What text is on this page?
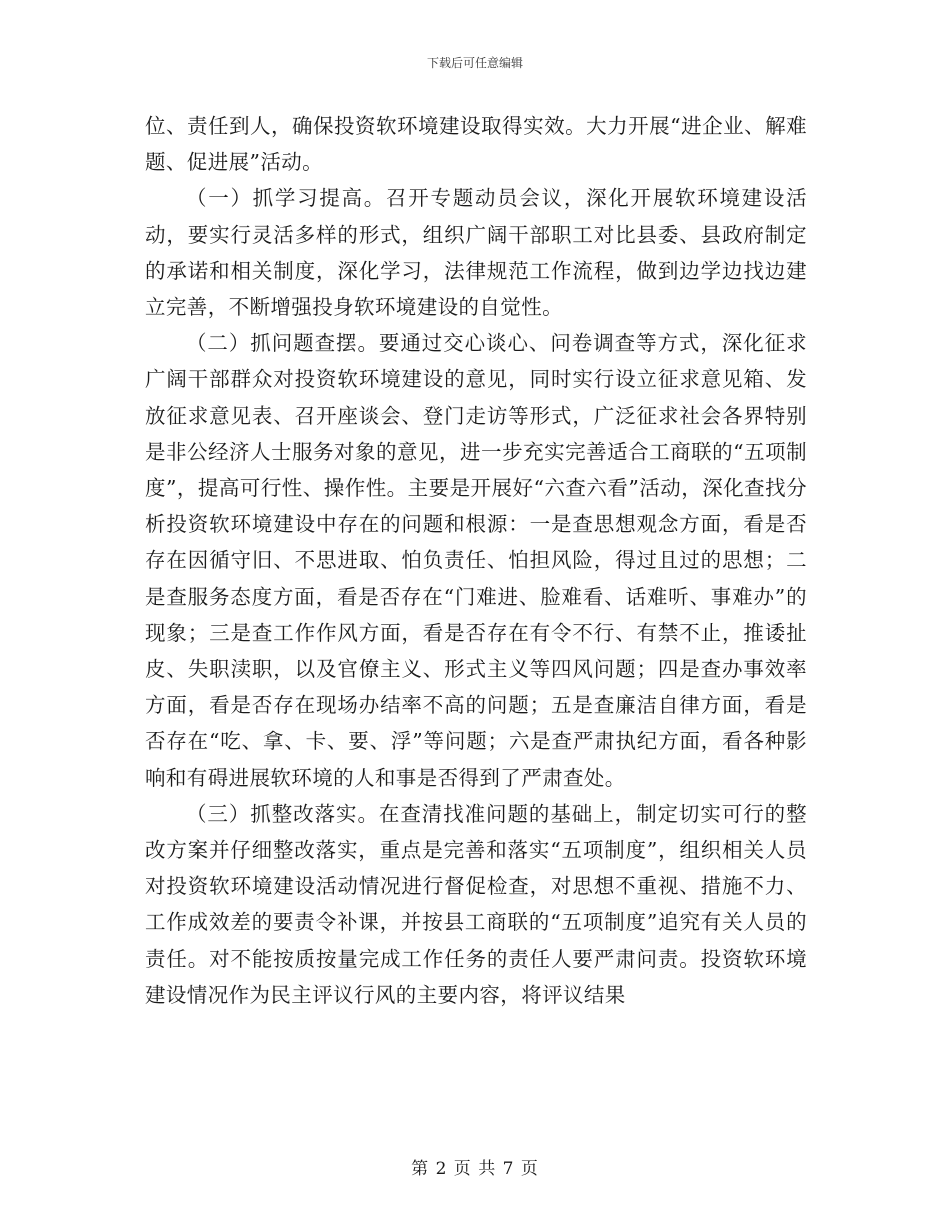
下载后可任意编辑

位、责任到人，确保投资软环境建设取得实效。大力开展“进企业、解难题、促进展”活动。

（一）抓学习提高。召开专题动员会议，深化开展软环境建设活动，要实行灵活多样的形式，组织广阔干部职工对比县委、县政府制定的承诺和相关制度，深化学习，法律规范工作流程，做到边学边找边建立完善，不断增强投身软环境建设的自觉性。

（二）抓问题查摆。要通过交心谈心、问卷调查等方式，深化征求广阔干部群众对投资软环境建设的意见，同时实行设立征求意见箱、发放征求意见表、召开座谈会、登门走访等形式，广泛征求社会各界特别是非公经济人士服务对象的意见，进一步充实完善适合工商联的“五项制度”，提高可行性、操作性。主要是开展好“六查六看”活动，深化查找分析投资软环境建设中存在的问题和根源：一是查思想观念方面，看是否存在因循守旧、不思进取、怕负责任、怕担风险，得过且过的思想；二是查服务态度方面，看是否存在“门难进、脸难看、话难听、事难办”的现象；三是查工作作风方面，看是否存在有令不行、有禁不止，推诿扯皮、失职渎职，以及官僚主义、形式主义等四风问题；四是查办事效率方面，看是否存在现场办结率不高的问题；五是查廉洁自律方面，看是否存在“吃、拿、卡、要、浮”等问题；六是查严肃执纪方面，看各种影响和有碍进展软环境的人和事是否得到了严肃查处。

（三）抓整改落实。在查清找准问题的基础上，制定切实可行的整改方案并仔细整改落实，重点是完善和落实“五项制度”，组织相关人员对投资软环境建设活动情况进行督促检查，对思想不重视、措施不力、工作成效差的要责令补课，并按县工商联的“五项制度”追究有关人员的责任。对不能按质按量完成工作任务的责任人要严肃问责。投资软环境建设情况作为民主评议行风的主要内容，将评议结果

第 2 页 共 7 页
